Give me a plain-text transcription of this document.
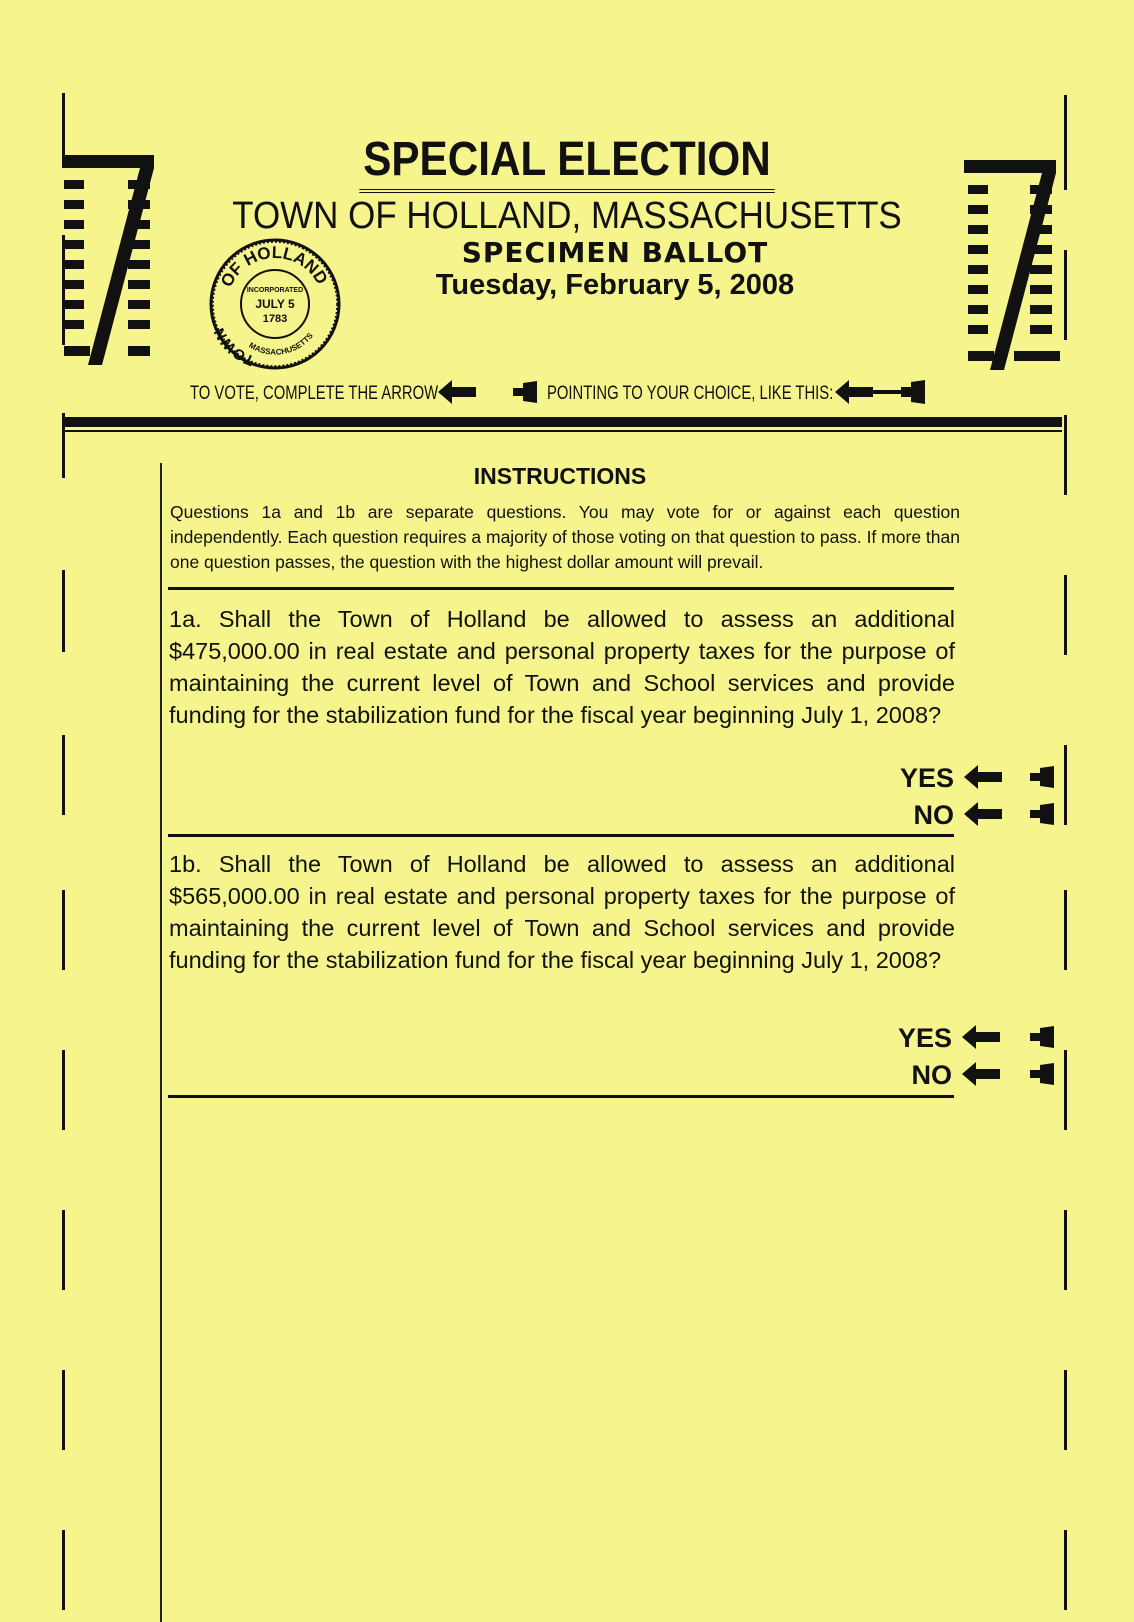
SPECIAL ELECTION
TOWN OF HOLLAND, MASSACHUSETTS
SPECIMEN BALLOT
Tuesday, February 5, 2008
OF HOLLAND
TOWN
MASSACHUSETTS
INCORPORATED
JULY 5
1783
TO VOTE, COMPLETE THE ARROW	POINTING TO YOUR CHOICE, LIKE THIS:
INSTRUCTIONS
Questions 1a and 1b are separate questions. You may vote for or against each question independently. Each question requires a majority of those voting on that question to pass. If more than one question passes, the question with the highest dollar amount will prevail.
1a. Shall the Town of Holland be allowed to assess an additional $475,000.00 in real estate and personal property taxes for the purpose of maintaining the current level of Town and School services and provide funding for the stabilization fund for the fiscal year beginning July 1, 2008?
YES
NO
1b. Shall the Town of Holland be allowed to assess an additional $565,000.00 in real estate and personal property taxes for the purpose of maintaining the current level of Town and School services and provide funding for the stabilization fund for the fiscal year beginning July 1, 2008?
YES
NO
